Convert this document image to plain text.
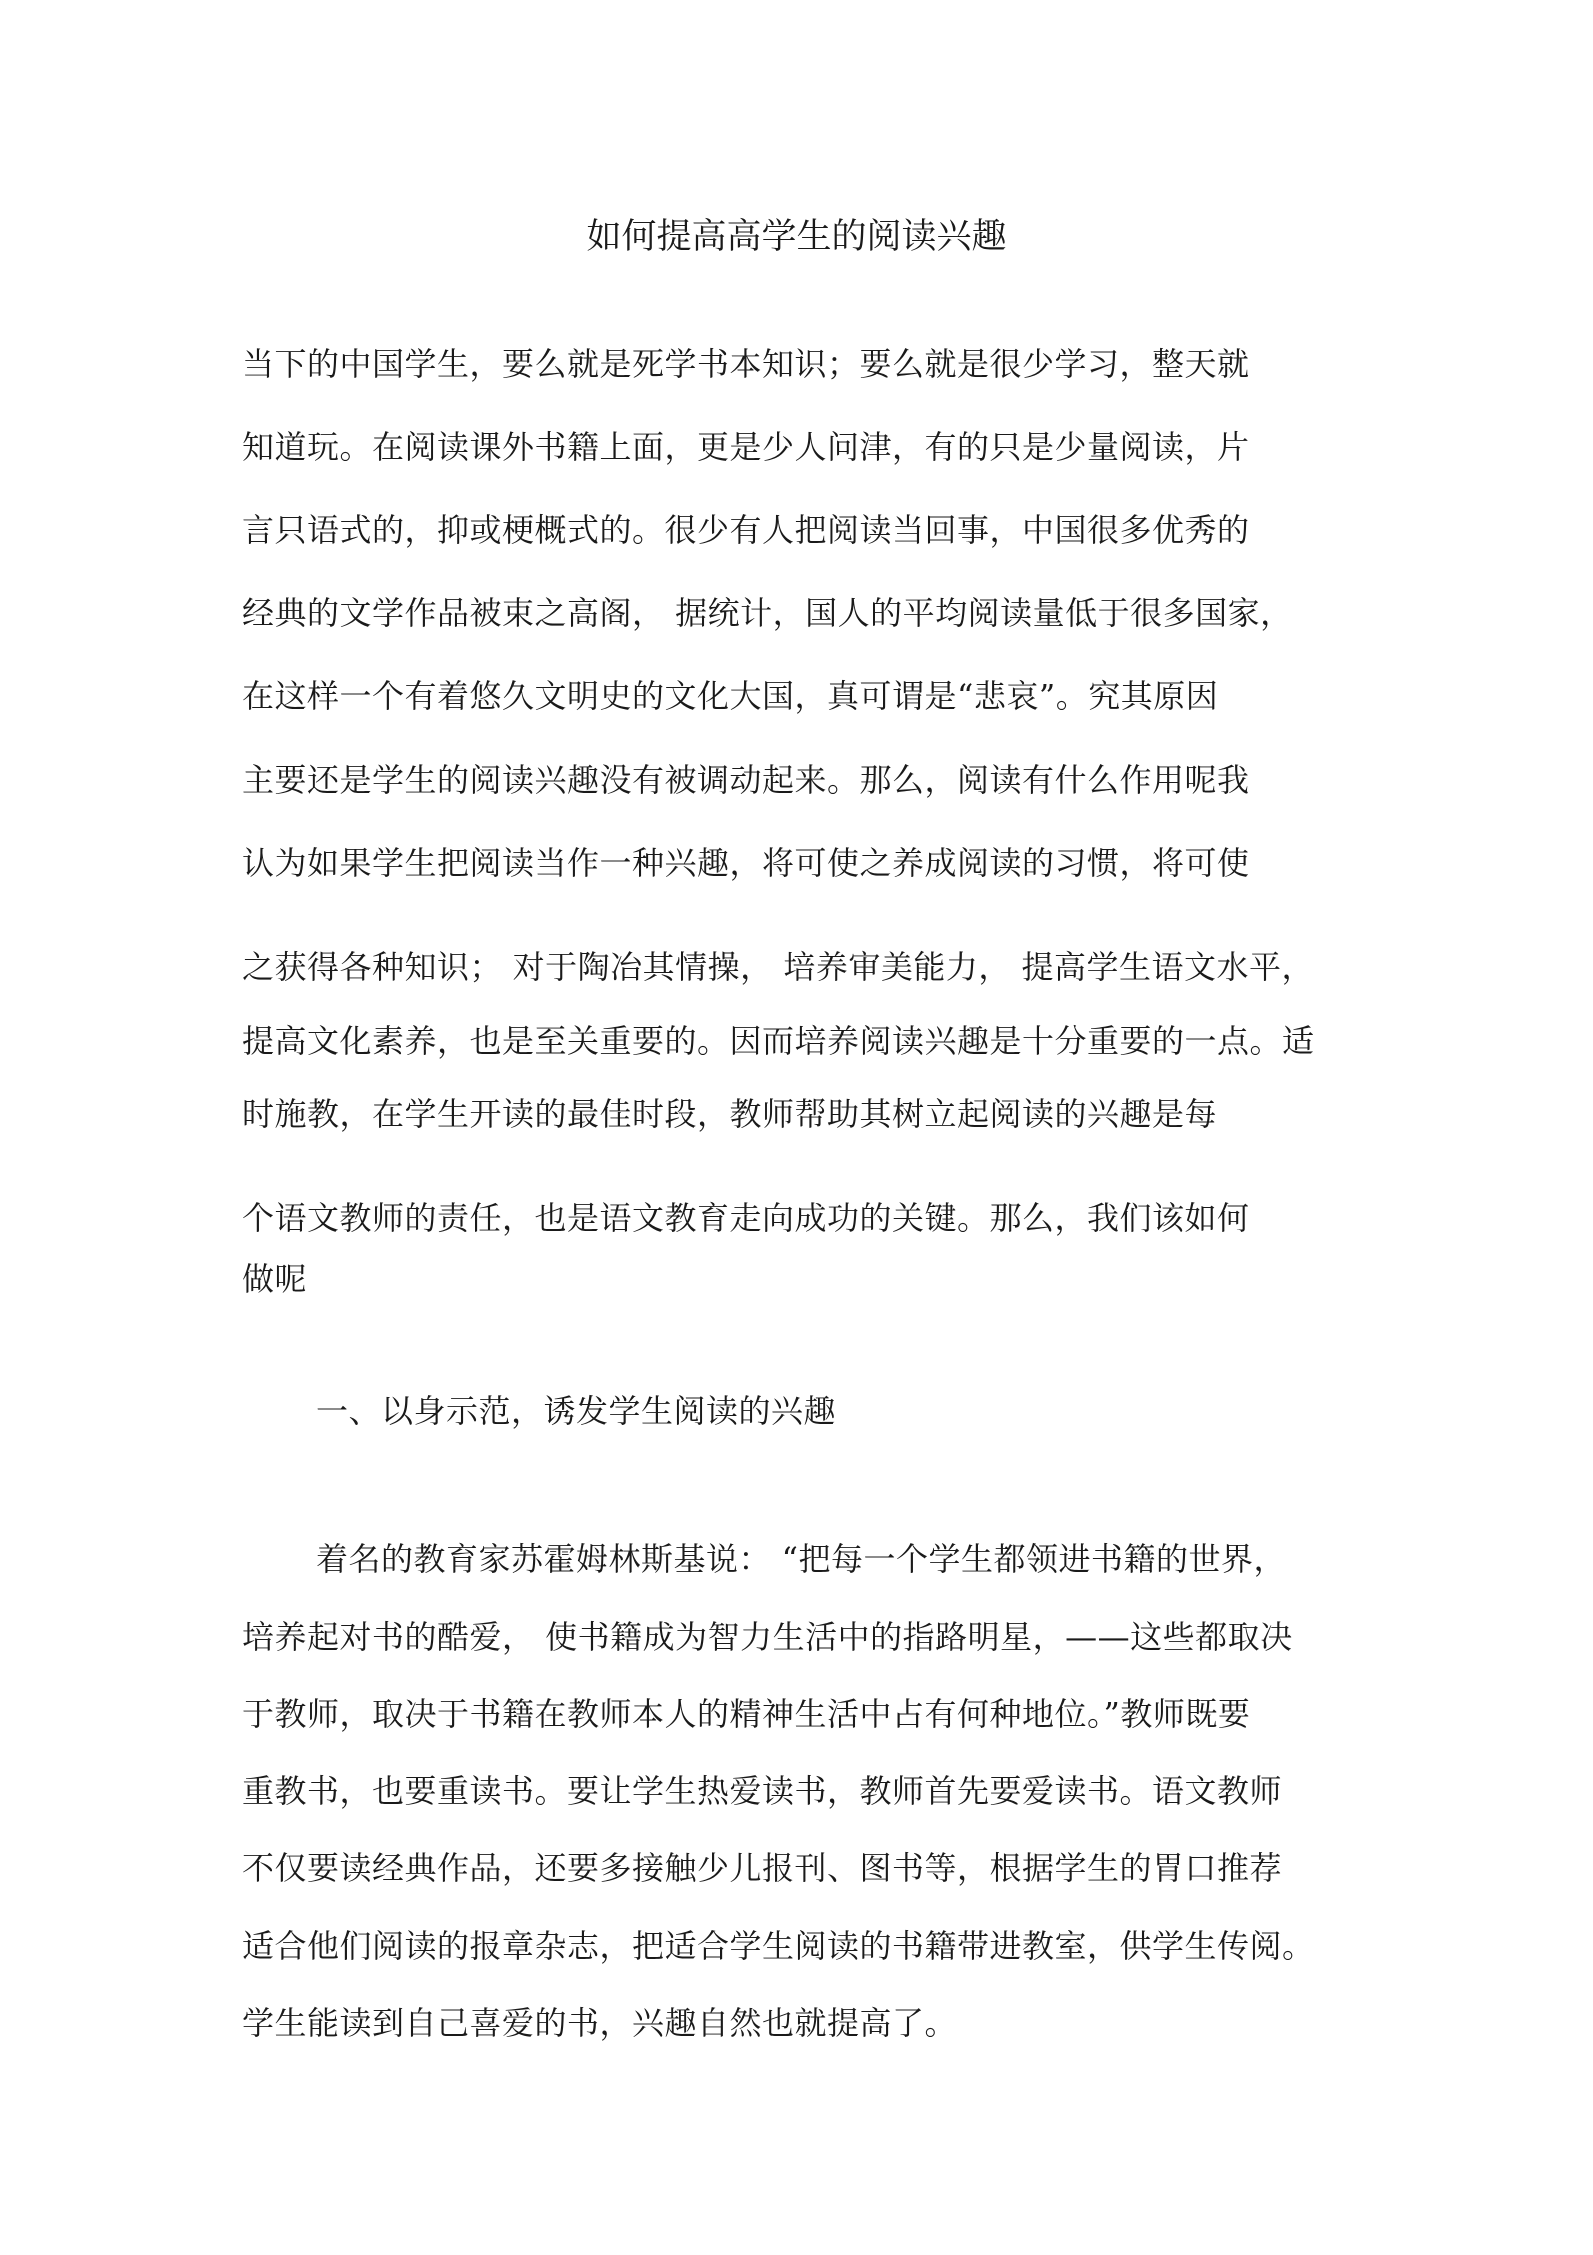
如何提高高学生的阅读兴趣
当下的中国学生，要么就是死学书本知识；要么就是很少学习，整天就
知道玩。在阅读课外书籍上面，更是少人问津，有的只是少量阅读，片
言只语式的，抑或梗概式的。很少有人把阅读当回事，中国很多优秀的
经典的文学作品被束之高阁， 据统计，国人的平均阅读量低于很多国家，
在这样一个有着悠久文明史的文化大国，真可谓是“悲哀”。究其原因
主要还是学生的阅读兴趣没有被调动起来。那么，阅读有什么作用呢我
认为如果学生把阅读当作一种兴趣，将可使之养成阅读的习惯，将可使
之获得各种知识； 对于陶冶其情操， 培养审美能力， 提高学生语文水平，
提高文化素养，也是至关重要的。因而培养阅读兴趣是十分重要的一点。适
时施教，在学生开读的最佳时段，教师帮助其树立起阅读的兴趣是每
个语文教师的责任，也是语文教育走向成功的关键。那么，我们该如何
做呢
一、以身示范，诱发学生阅读的兴趣
着名的教育家苏霍姆林斯基说： “把每一个学生都领进书籍的世界，
培养起对书的酷爱， 使书籍成为智力生活中的指路明星，——这些都取决
于教师，取决于书籍在教师本人的精神生活中占有何种地位。”教师既要
重教书，也要重读书。要让学生热爱读书，教师首先要爱读书。语文教师
不仅要读经典作品，还要多接触少儿报刊、图书等，根据学生的胃口推荐
适合他们阅读的报章杂志，把适合学生阅读的书籍带进教室，供学生传阅。
学生能读到自己喜爱的书，兴趣自然也就提高了。
